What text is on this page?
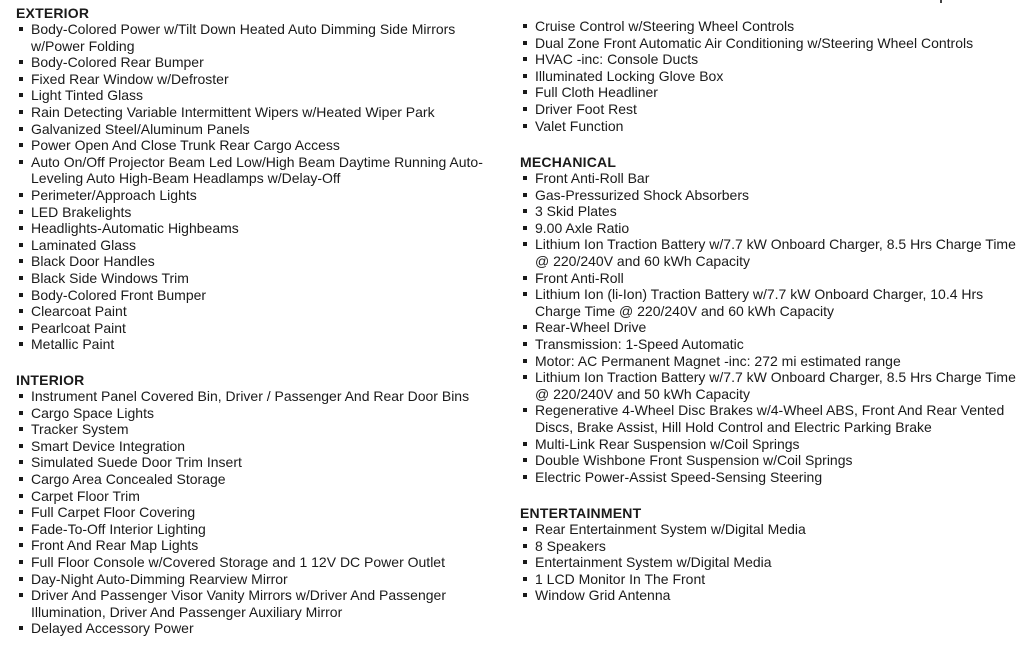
EXTERIOR
Body-Colored Power w/Tilt Down Heated Auto Dimming Side Mirrors w/Power Folding
Body-Colored Rear Bumper
Fixed Rear Window w/Defroster
Light Tinted Glass
Rain Detecting Variable Intermittent Wipers w/Heated Wiper Park
Galvanized Steel/Aluminum Panels
Power Open And Close Trunk Rear Cargo Access
Auto On/Off Projector Beam Led Low/High Beam Daytime Running Auto-Leveling Auto High-Beam Headlamps w/Delay-Off
Perimeter/Approach Lights
LED Brakelights
Headlights-Automatic Highbeams
Laminated Glass
Black Door Handles
Black Side Windows Trim
Body-Colored Front Bumper
Clearcoat Paint
Pearlcoat Paint
Metallic Paint
INTERIOR
Instrument Panel Covered Bin, Driver / Passenger And Rear Door Bins
Cargo Space Lights
Tracker System
Smart Device Integration
Simulated Suede Door Trim Insert
Cargo Area Concealed Storage
Carpet Floor Trim
Full Carpet Floor Covering
Fade-To-Off Interior Lighting
Front And Rear Map Lights
Full Floor Console w/Covered Storage and 1 12V DC Power Outlet
Day-Night Auto-Dimming Rearview Mirror
Driver And Passenger Visor Vanity Mirrors w/Driver And Passenger Illumination, Driver And Passenger Auxiliary Mirror
Delayed Accessory Power
Cruise Control w/Steering Wheel Controls
Dual Zone Front Automatic Air Conditioning w/Steering Wheel Controls
HVAC -inc: Console Ducts
Illuminated Locking Glove Box
Full Cloth Headliner
Driver Foot Rest
Valet Function
MECHANICAL
Front Anti-Roll Bar
Gas-Pressurized Shock Absorbers
3 Skid Plates
9.00 Axle Ratio
Lithium Ion Traction Battery w/7.7 kW Onboard Charger, 8.5 Hrs Charge Time @ 220/240V and 60 kWh Capacity
Front Anti-Roll
Lithium Ion (li-Ion) Traction Battery w/7.7 kW Onboard Charger, 10.4 Hrs Charge Time @ 220/240V and 60 kWh Capacity
Rear-Wheel Drive
Transmission: 1-Speed Automatic
Motor: AC Permanent Magnet -inc: 272 mi estimated range
Lithium Ion Traction Battery w/7.7 kW Onboard Charger, 8.5 Hrs Charge Time @ 220/240V and 50 kWh Capacity
Regenerative 4-Wheel Disc Brakes w/4-Wheel ABS, Front And Rear Vented Discs, Brake Assist, Hill Hold Control and Electric Parking Brake
Multi-Link Rear Suspension w/Coil Springs
Double Wishbone Front Suspension w/Coil Springs
Electric Power-Assist Speed-Sensing Steering
ENTERTAINMENT
Rear Entertainment System w/Digital Media
8 Speakers
Entertainment System w/Digital Media
1 LCD Monitor In The Front
Window Grid Antenna
